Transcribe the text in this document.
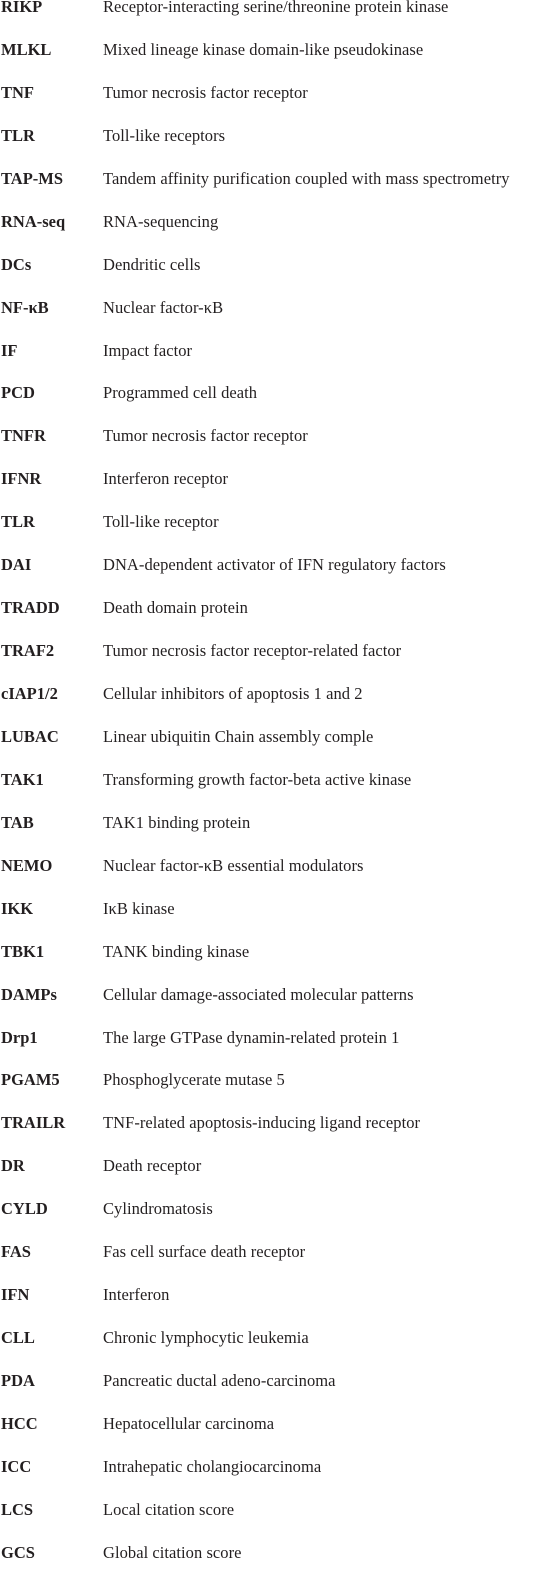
RIKP	Receptor-interacting serine/threonine protein kinase
MLKL	Mixed lineage kinase domain-like pseudokinase
TNF	Tumor necrosis factor receptor
TLR	Toll-like receptors
TAP-MS	Tandem affinity purification coupled with mass spectrometry
RNA-seq	RNA-sequencing
DCs	Dendritic cells
NF-κB	Nuclear factor-κB
IF	Impact factor
PCD	Programmed cell death
TNFR	Tumor necrosis factor receptor
IFNR	Interferon receptor
TLR	Toll-like receptor
DAI	DNA-dependent activator of IFN regulatory factors
TRADD	Death domain protein
TRAF2	Tumor necrosis factor receptor-related factor
cIAP1/2	Cellular inhibitors of apoptosis 1 and 2
LUBAC	Linear ubiquitin Chain assembly comple
TAK1	Transforming growth factor-beta active kinase
TAB	TAK1 binding protein
NEMO	Nuclear factor-κB essential modulators
IKK	IκB kinase
TBK1	TANK binding kinase
DAMPs	Cellular damage-associated molecular patterns
Drp1	The large GTPase dynamin-related protein 1
PGAM5	Phosphoglycerate mutase 5
TRAILR	TNF-related apoptosis-inducing ligand receptor
DR	Death receptor
CYLD	Cylindromatosis
FAS	Fas cell surface death receptor
IFN	Interferon
CLL	Chronic lymphocytic leukemia
PDA	Pancreatic ductal adeno-carcinoma
HCC	Hepatocellular carcinoma
ICC	Intrahepatic cholangiocarcinoma
LCS	Local citation score
GCS	Global citation score
